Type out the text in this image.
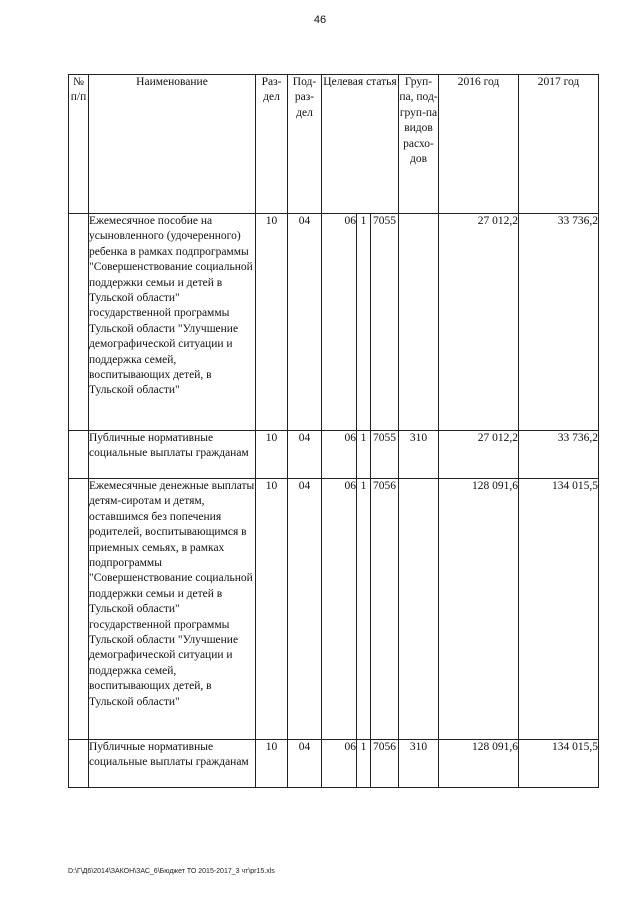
46
№ п/п	Наименование	Раз-дел	Под-раз-дел	Целевая статья			Груп-па, под-груп-па видов расхо-дов	2016 год	2017 год
	Ежемесячное пособие на усыновленного (удочеренного) ребенка в рамках подпрограммы "Совершенствование социальной поддержки семьи и детей в Тульской области" государственной программы Тульской области "Улучшение демографической ситуации и поддержка семей, воспитывающих детей, в Тульской области"	10	04	06	1	7055		27 012,2	33 736,2
	Публичные нормативные социальные выплаты гражданам	10	04	06	1	7055	310	27 012,2	33 736,2
	Ежемесячные денежные выплаты детям-сиротам и детям, оставшимся без попечения родителей, воспитывающимся в приемных семьях, в рамках подпрограммы "Совершенствование социальной поддержки семьи и детей в Тульской области" государственной программы Тульской области "Улучшение демографической ситуации и поддержка семей, воспитывающих детей, в Тульской области"	10	04	06	1	7056		128 091,6	134 015,5
	Публичные нормативные социальные выплаты гражданам	10	04	06	1	7056	310	128 091,6	134 015,5
D:\Г\Д6\2014\ЗАКОН\ЗАС_6\Бюджет ТО 2015-2017_3 чт\pr15.xls
